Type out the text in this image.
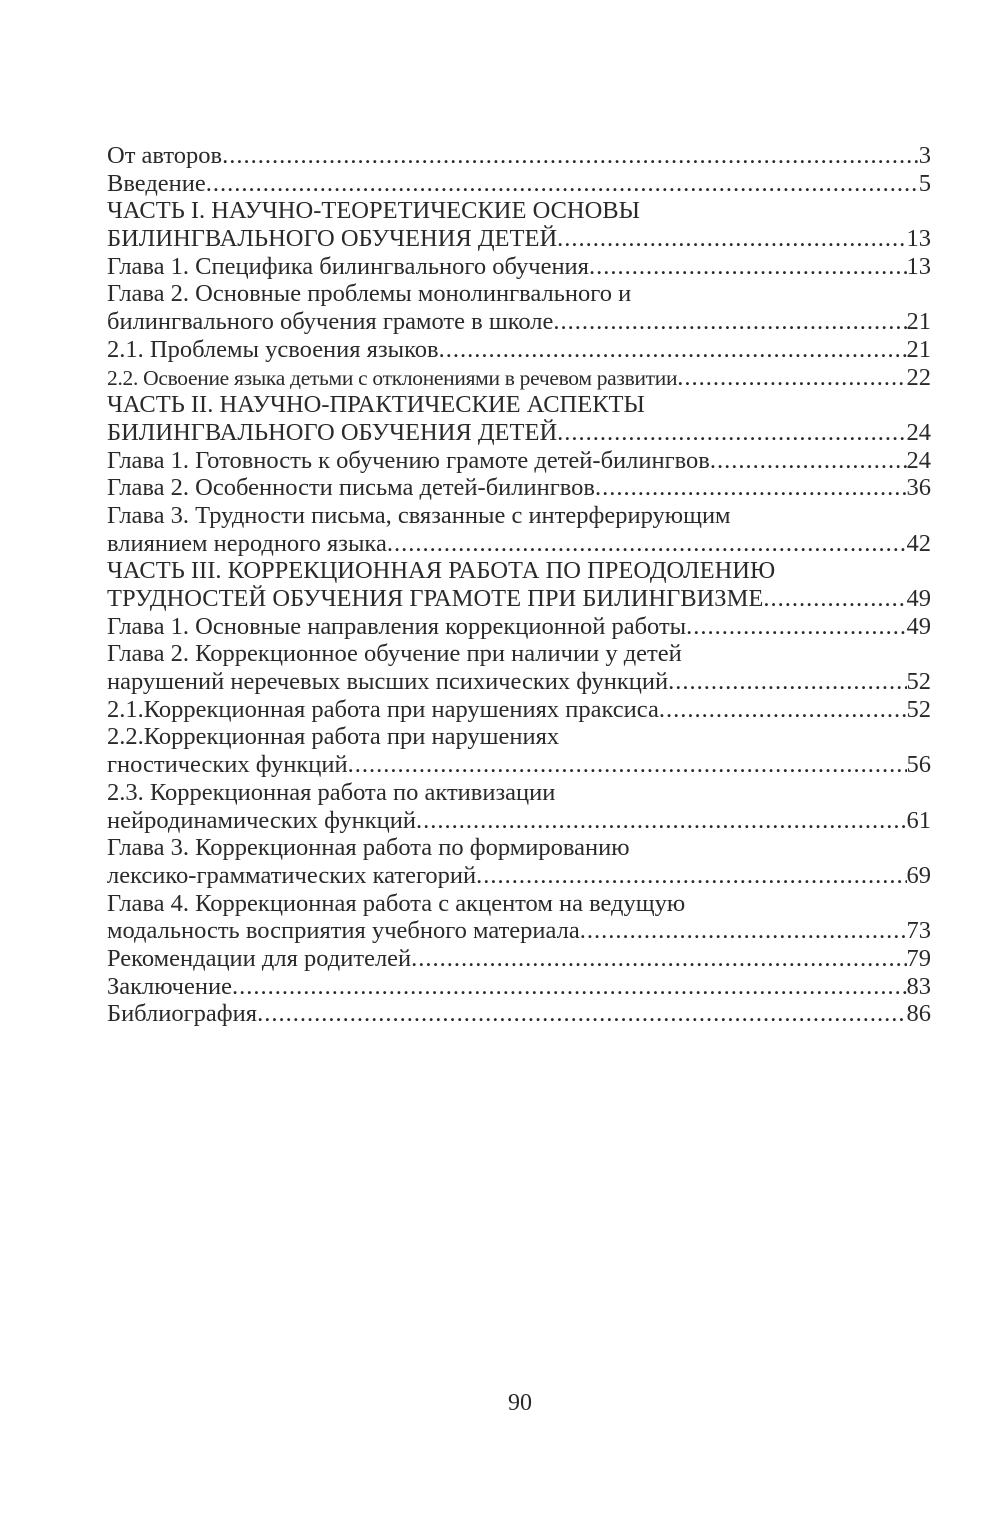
От авторов .....	3
Введение .....	5
ЧАСТЬ I. НАУЧНО-ТЕОРЕТИЧЕСКИЕ ОСНОВЫ
БИЛИНГВАЛЬНОГО ОБУЧЕНИЯ ДЕТЕЙ .....	13
Глава 1. Специфика билингвального обучения .....	13
Глава 2. Основные проблемы монолингвального и
билингвального обучения грамоте в школе .....	21
2.1. Проблемы усвоения языков .....	21
2.2. Освоение языка детьми с отклонениями в речевом развитии .....	22
ЧАСТЬ II. НАУЧНО-ПРАКТИЧЕСКИЕ АСПЕКТЫ
БИЛИНГВАЛЬНОГО ОБУЧЕНИЯ ДЕТЕЙ .....	24
Глава 1. Готовность к обучению грамоте детей-билингвов .....	24
Глава 2. Особенности письма детей-билингвов .....	36
Глава 3. Трудности письма, связанные с интерферирующим
влиянием неродного языка .....	42
ЧАСТЬ III. КОРРЕКЦИОННАЯ РАБОТА ПО ПРЕОДОЛЕНИЮ
ТРУДНОСТЕЙ ОБУЧЕНИЯ ГРАМОТЕ ПРИ БИЛИНГВИЗМЕ .....	49
Глава 1. Основные направления коррекционной работы .....	49
Глава 2. Коррекционное обучение при наличии у детей
нарушений неречевых высших психических функций .....	52
2.1.Коррекционная работа при нарушениях праксиса .....	52
2.2.Коррекционная работа при нарушениях
гностических функций .....	56
2.3. Коррекционная работа по активизации
нейродинамических функций .....	61
Глава 3. Коррекционная работа по формированию
лексико-грамматических категорий .....	69
Глава 4. Коррекционная работа с акцентом на ведущую
модальность восприятия учебного материала .....	73
Рекомендации для родителей .....	79
Заключение .....	83
Библиография .....	86
90
